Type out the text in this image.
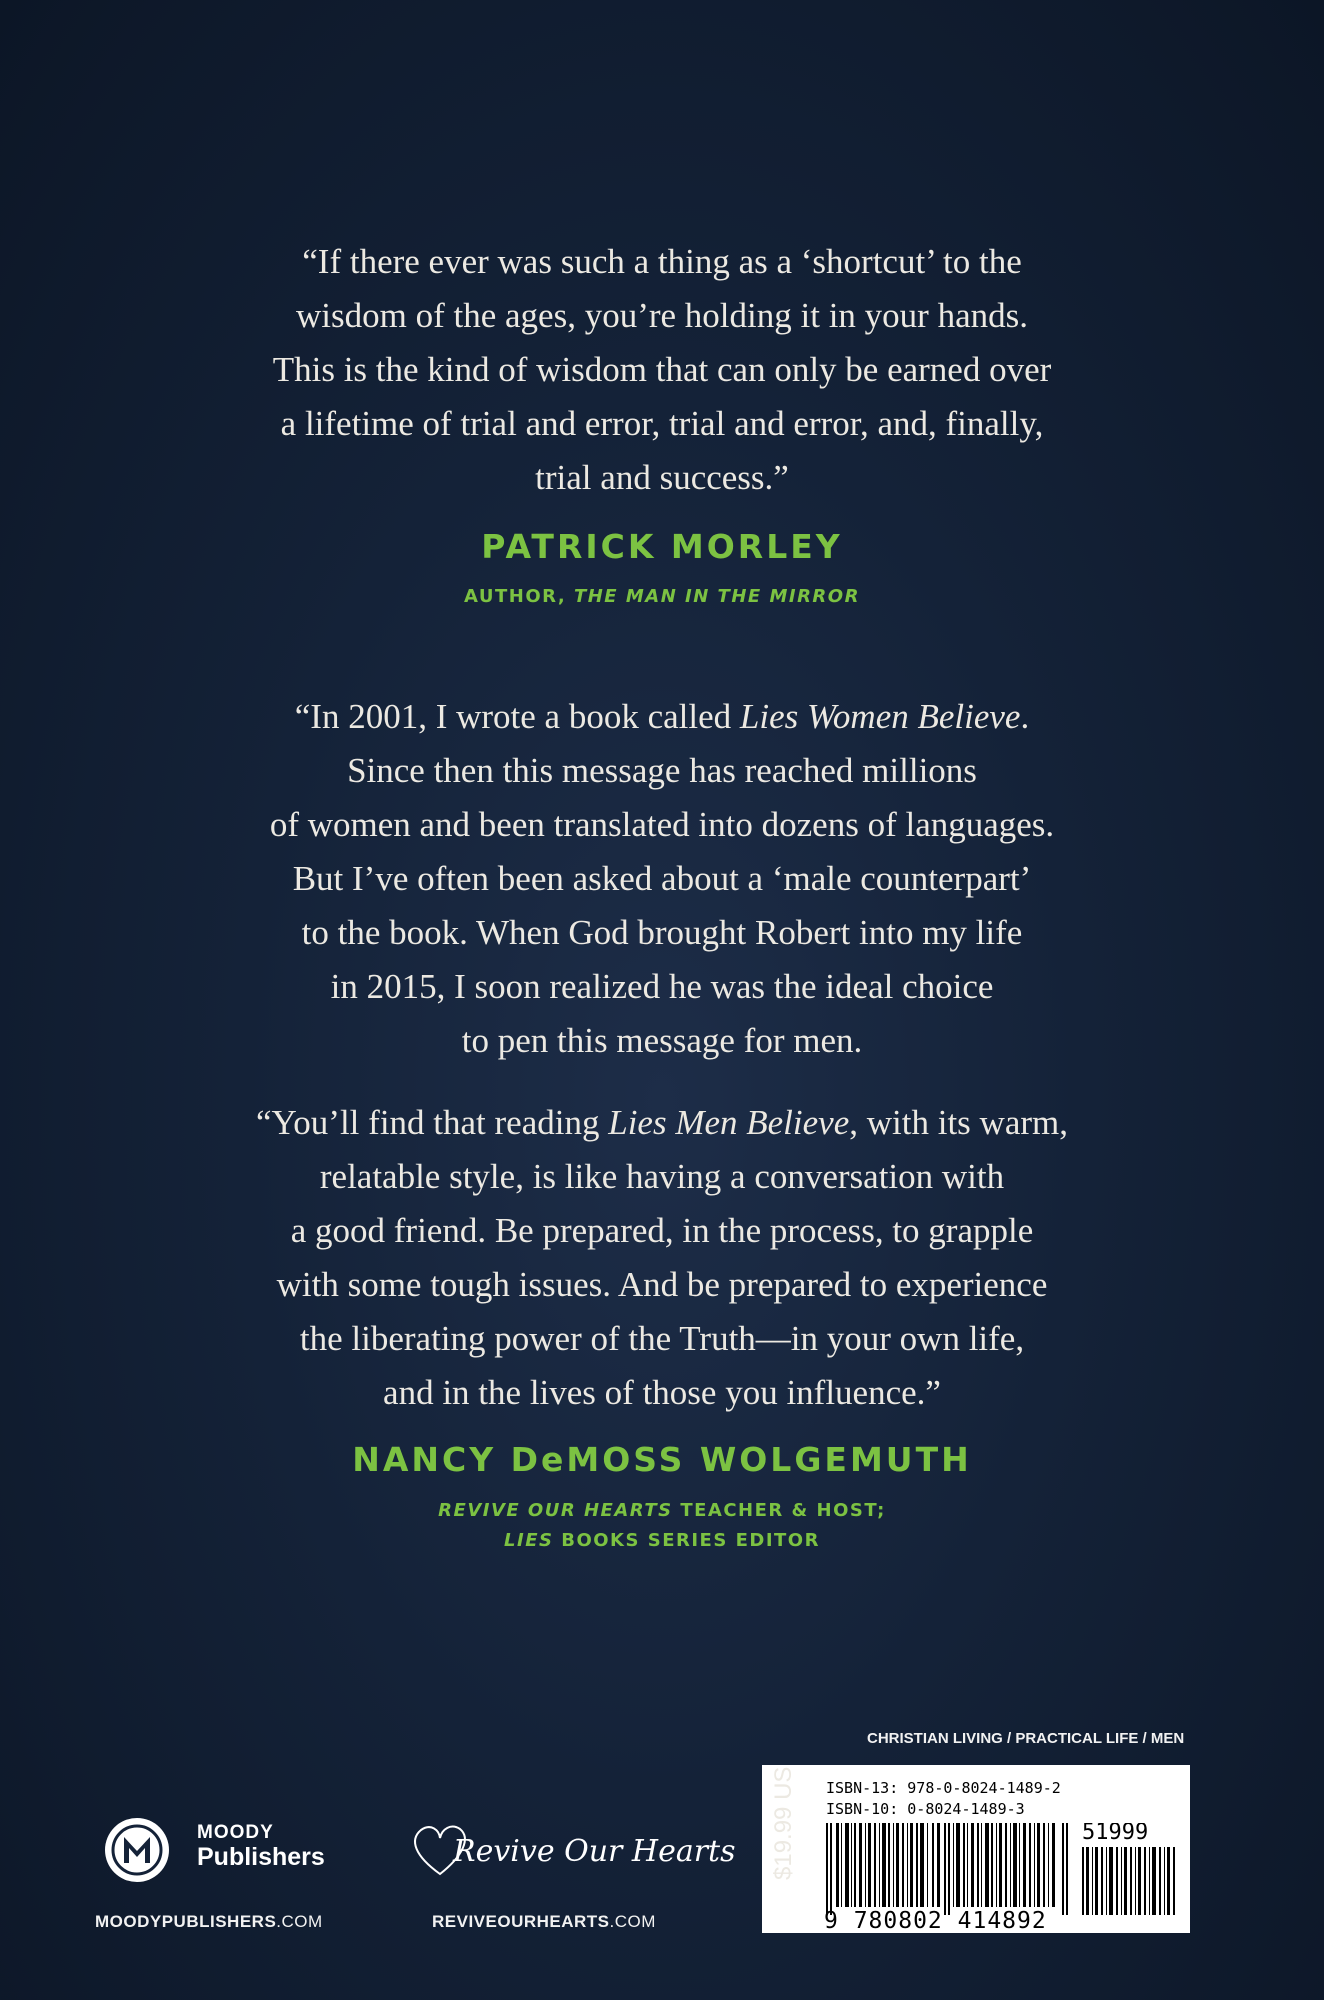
“If there ever was such a thing as a ‘shortcut’ to the
wisdom of the ages, you’re holding it in your hands.
This is the kind of wisdom that can only be earned over
a lifetime of trial and error, trial and error, and, finally,
trial and success.”
PATRICK MORLEY
AUTHOR, THE MAN IN THE MIRROR
“In 2001, I wrote a book called Lies Women Believe.
Since then this message has reached millions
of women and been translated into dozens of languages.
But I’ve often been asked about a ‘male counterpart’
to the book. When God brought Robert into my life
in 2015, I soon realized he was the ideal choice
to pen this message for men.
“You’ll find that reading Lies Men Believe, with its warm,
relatable style, is like having a conversation with
a good friend. Be prepared, in the process, to grapple
with some tough issues. And be prepared to experience
the liberating power of the Truth—in your own life,
and in the lives of those you influence.”
NANCY DeMOSS WOLGEMUTH
REVIVE OUR HEARTS TEACHER & HOST;
LIES BOOKS SERIES EDITOR
CHRISTIAN LIVING / PRACTICAL LIFE / MEN
ISBN-13: 978-0-8024-1489-2
ISBN-10: 0-8024-1489-3
51999
9 780802 414892
$19.99 US
MOODY
Publishers	Revive Our Hearts
MOODYPUBLISHERS.COM	REVIVEOURHEARTS.COM
